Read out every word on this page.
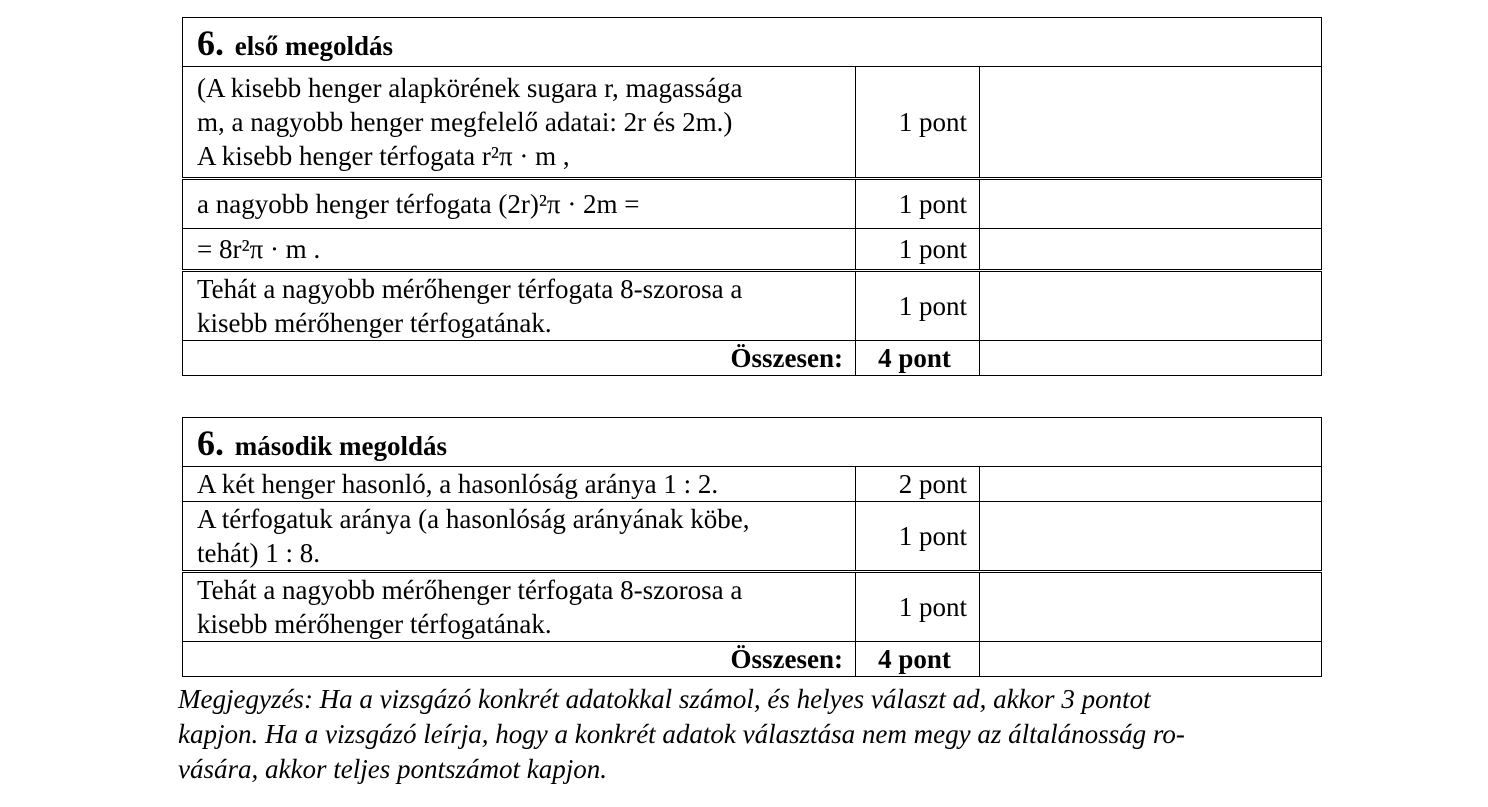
6. első megoldás		

(A kisebb henger alapkörének sugara r, magassága
m, a nagyobb henger megfelelő adatai: 2r és 2m.)
A kisebb henger térfogata r²π · m ,	1 pont	
a nagyobb henger térfogata (2r)²π · 2m =	1 pont	
= 8r²π · m .	1 pont	

Tehát a nagyobb mérőhenger térfogata 8-szorosa a
kisebb mérőhenger térfogatának.	1 pont	
Összesen:	4 pont	
6. második megoldás		
A két henger hasonló, a hasonlóság aránya 1 : 2.	2 pont	

A térfogatuk aránya (a hasonlóság arányának köbe,
tehát) 1 : 8.	1 pont	

Tehát a nagyobb mérőhenger térfogata 8-szorosa a
kisebb mérőhenger térfogatának.	1 pont	
Összesen:	4 pont	
Megjegyzés: Ha a vizsgázó konkrét adatokkal számol, és helyes választ ad, akkor 3 pontot
kapjon. Ha a vizsgázó leírja, hogy a konkrét adatok választása nem megy az általánosság ro-
vására, akkor teljes pontszámot kapjon.
